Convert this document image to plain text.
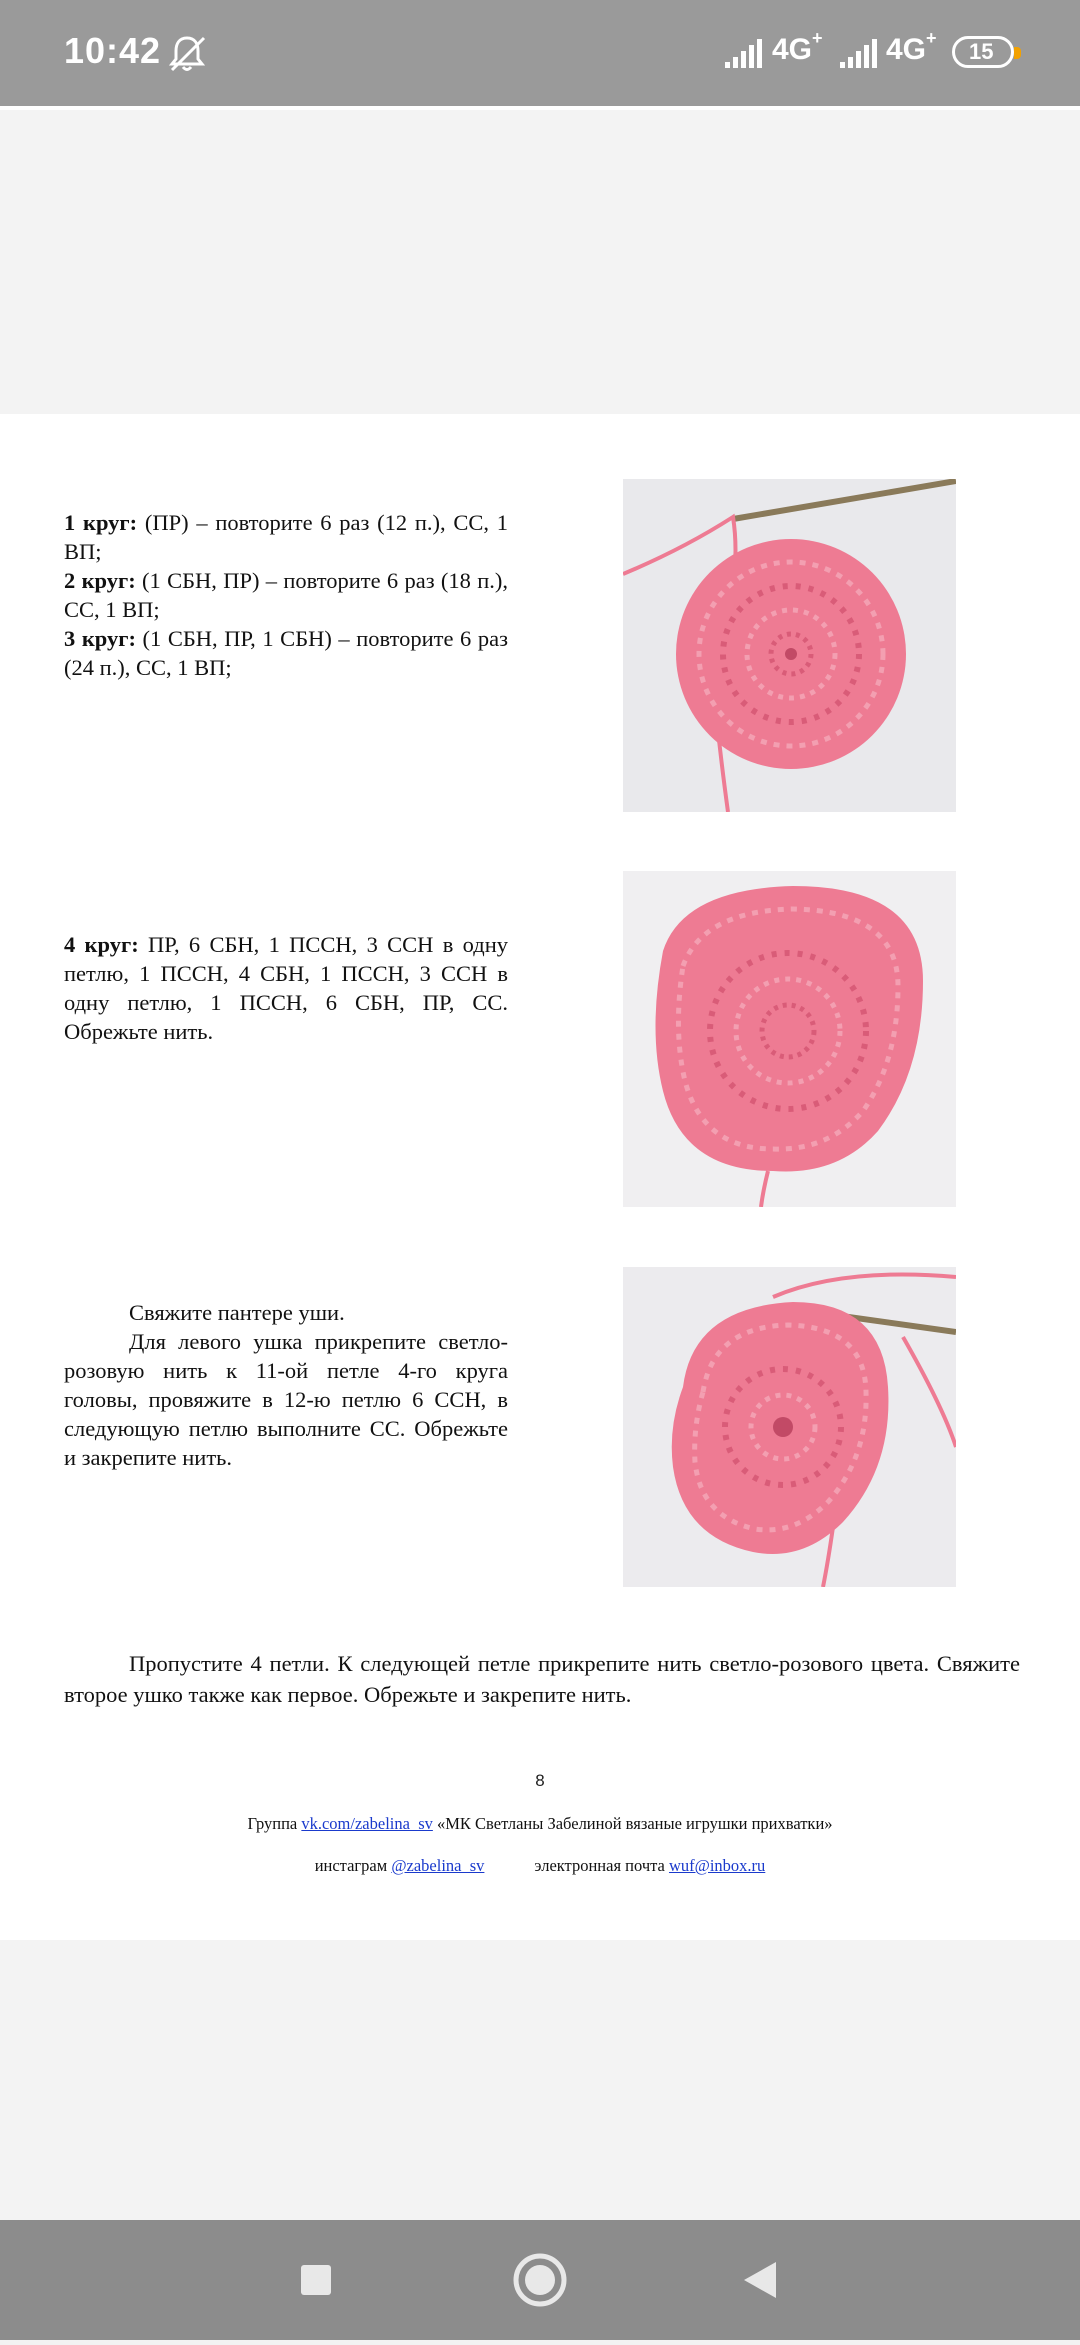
10:42	4G+ 4G+
15
1 круг: (ПР) – повторите 6 раз (12 п.), СС, 1 ВП;
2 круг: (1 СБН, ПР) – повторите 6 раз (18 п.), СС, 1 ВП;
3 круг: (1 СБН, ПР, 1 СБН) – повторите 6 раз (24 п.), СС, 1 ВП;
4 круг: ПР, 6 СБН, 1 ПССН, 3 ССН в одну петлю, 1 ПССН, 4 СБН, 1 ПССН, 3 ССН в одну петлю, 1 ПССН, 6 СБН, ПР, СС. Обрежьте нить.
Свяжите пантере уши.
Для левого ушка прикрепите светло-розовую нить к 11-ой петле 4-го круга головы, провяжите в 12-ю петлю 6 ССН, в следующую петлю выполните СС. Обрежьте и закрепите нить.
Пропустите 4 петли. К следующей петле прикрепите нить светло-розового цвета. Свяжите второе ушко также как первое. Обрежьте и закрепите нить.
8
Группа vk.com/zabelina_sv «МК Светланы Забелиной вязаные игрушки прихватки»
инстаграм @zabelina_sv	электронная почта wuf@inbox.ru
